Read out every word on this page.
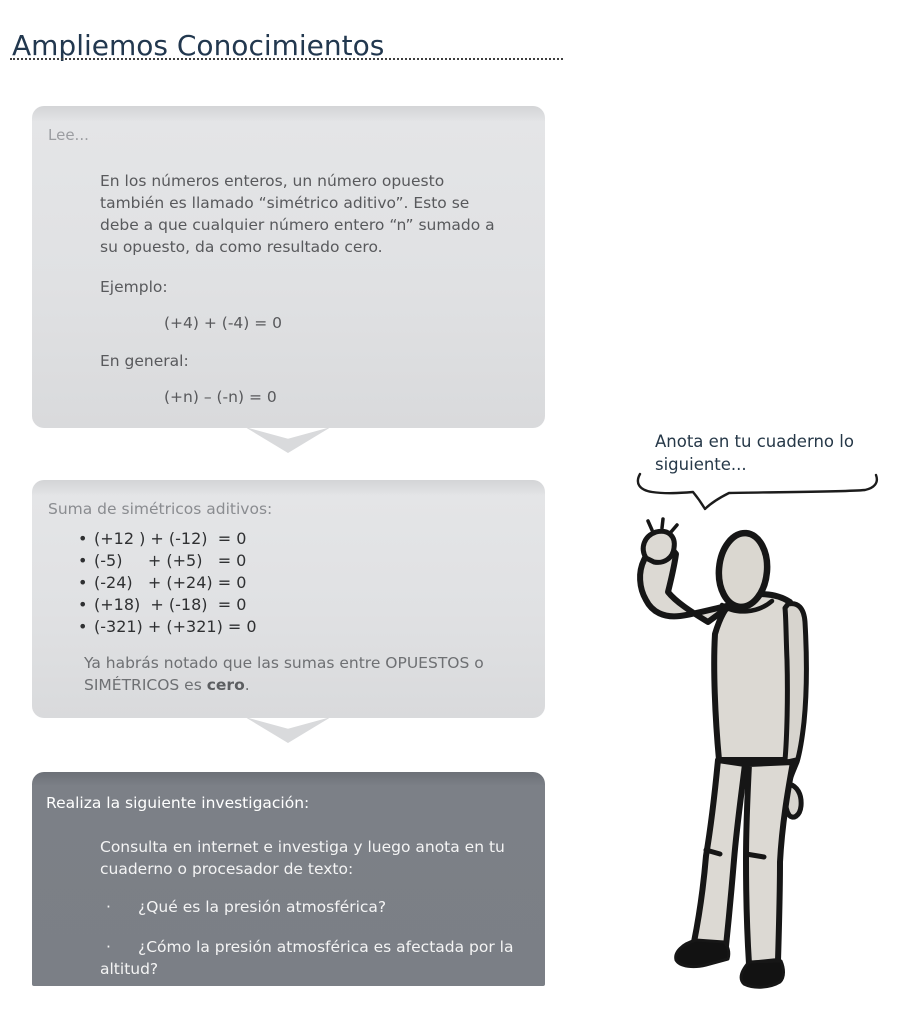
Ampliemos Conocimientos
Lee...

En los números enteros, un número opuesto también es llamado “simétrico aditivo”. Esto se debe a que cualquier número entero “n” sumado a su opuesto, da como resultado cero.

Ejemplo:

(+4) + (-4) = 0

En general:

(+n) – (-n) = 0

Suma de simétricos aditivos:
• (+12 ) + (-12)  = 0
• (-5)     + (+5)   = 0
• (-24)   + (+24) = 0
• (+18)  + (-18)  = 0
• (-321) + (+321) = 0

Ya habrás notado que las sumas entre OPUESTOS o SIMÉTRICOS es cero.

Realiza la siguiente investigación:

Consulta en internet e investiga y luego anota en tu cuaderno o procesador de texto:

· ¿Qué es la presión atmosférica?
· ¿Cómo la presión atmosférica es afectada por la altitud?
Anota en tu cuaderno lo
siguiente...
